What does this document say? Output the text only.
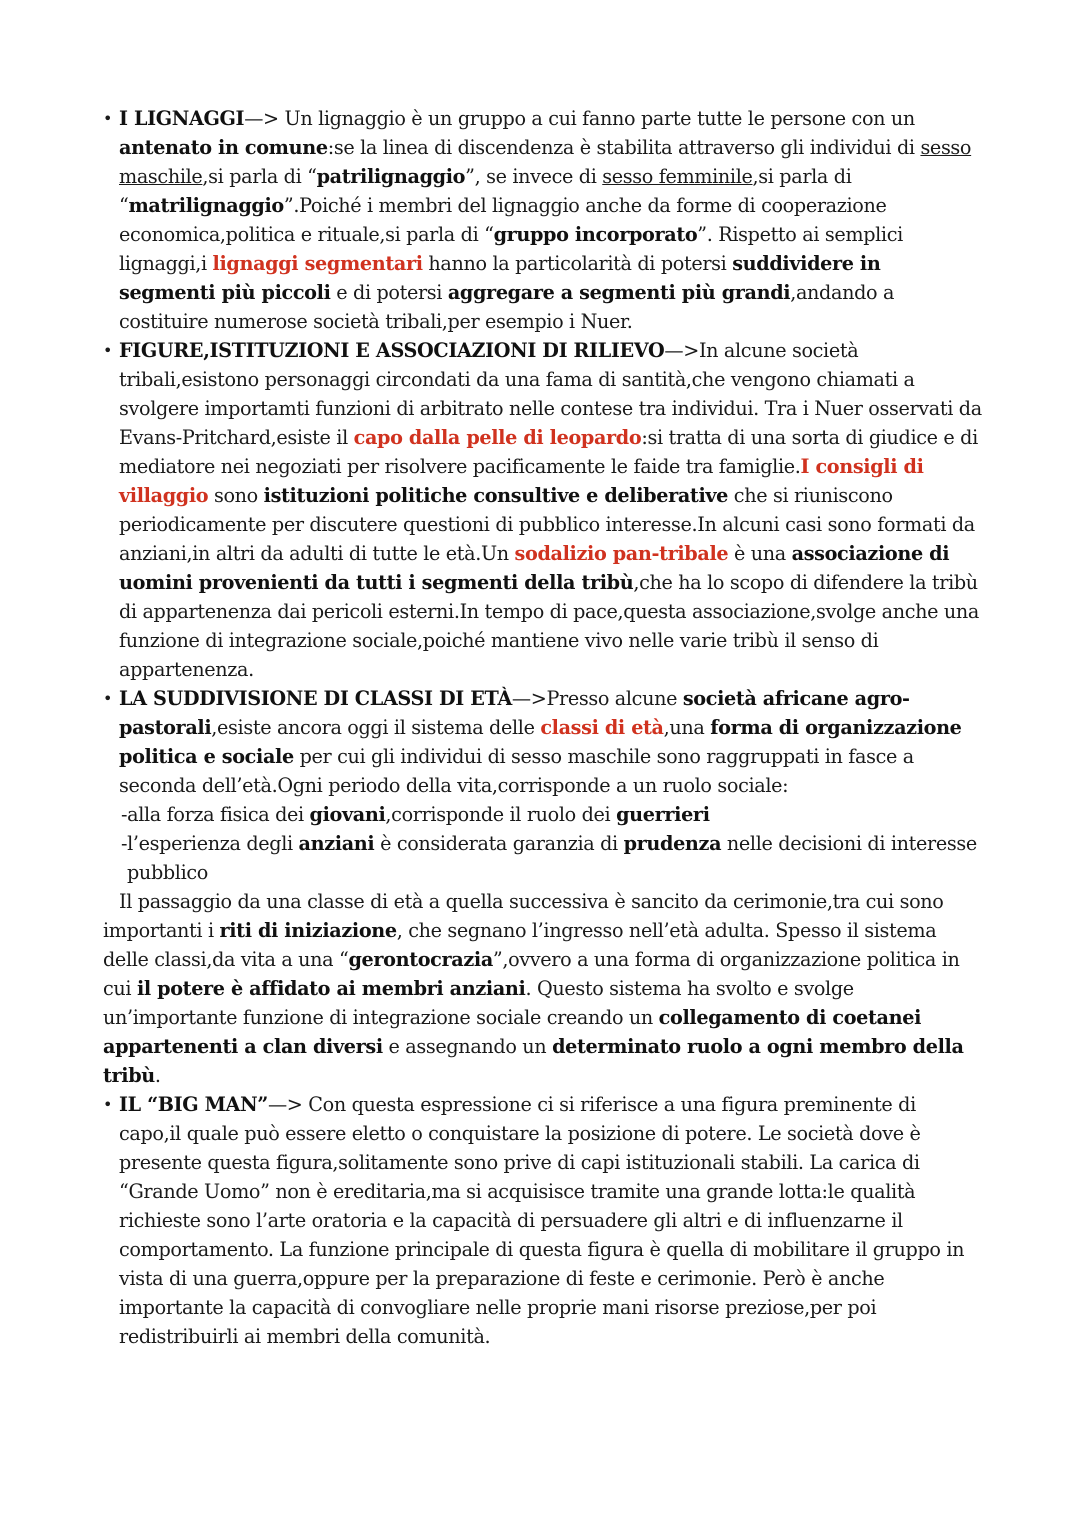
• I LIGNAGGI—> Un lignaggio è un gruppo a cui fanno parte tutte le persone con un antenato in comune:se la linea di discendenza è stabilita attraverso gli individui di sesso maschile,si parla di “patrilignaggio”, se invece di sesso femminile,si parla di “matrilignaggio”.Poiché i membri del lignaggio anche da forme di cooperazione economica,politica e rituale,si parla di “gruppo incorporato”. Rispetto ai semplici lignaggi,i lignaggi segmentari hanno la particolarità di potersi suddividere in segmenti più piccoli e di potersi aggregare a segmenti più grandi,andando a costituire numerose società tribali,per esempio i Nuer.
• FIGURE,ISTITUZIONI E ASSOCIAZIONI DI RILIEVO—>In alcune società tribali,esistono personaggi circondati da una fama di santità,che vengono chiamati a svolgere importamti funzioni di arbitrato nelle contese tra individui. Tra i Nuer osservati da Evans-Pritchard,esiste il capo dalla pelle di leopardo:si tratta di una sorta di giudice e di mediatore nei negoziati per risolvere pacificamente le faide tra famiglie.I consigli di villaggio sono istituzioni politiche consultive e deliberative che si riuniscono periodicamente per discutere questioni di pubblico interesse.In alcuni casi sono formati da anziani,in altri da adulti di tutte le età.Un sodalizio pan-tribale è una associazione di uomini provenienti da tutti i segmenti della tribù,che ha lo scopo di difendere la tribù di appartenenza dai pericoli esterni.In tempo di pace,questa associazione,svolge anche una funzione di integrazione sociale,poiché mantiene vivo nelle varie tribù il senso di appartenenza.
• LA SUDDIVISIONE DI CLASSI DI ETÀ—>Presso alcune società africane agro-pastorali,esiste ancora oggi il sistema delle classi di età,una forma di organizzazione politica e sociale per cui gli individui di sesso maschile sono raggruppati in fasce a seconda dell’età.Ogni periodo della vita,corrisponde a un ruolo sociale:
-alla forza fisica dei giovani,corrisponde il ruolo dei guerrieri
-l’esperienza degli anziani è considerata garanzia di prudenza nelle decisioni di interesse
pubblico
Il passaggio da una classe di età a quella successiva è sancito da cerimonie,tra cui sono importanti i riti di iniziazione, che segnano l’ingresso nell’età adulta. Spesso il sistema delle classi,da vita a una “gerontocrazia”,ovvero a una forma di organizzazione politica in cui il potere è affidato ai membri anziani. Questo sistema ha svolto e svolge un’importante funzione di integrazione sociale creando un collegamento di coetanei appartenenti a clan diversi e assegnando un determinato ruolo a ogni membro della tribù.
• IL “BIG MAN”—> Con questa espressione ci si riferisce a una figura preminente di capo,il quale può essere eletto o conquistare la posizione di potere. Le società dove è presente questa figura,solitamente sono prive di capi istituzionali stabili. La carica di “Grande Uomo” non è ereditaria,ma si acquisisce tramite una grande lotta:le qualità richieste sono l’arte oratoria e la capacità di persuadere gli altri e di influenzarne il comportamento. La funzione principale di questa figura è quella di mobilitare il gruppo in vista di una guerra,oppure per la preparazione di feste e cerimonie. Però è anche importante la capacità di convogliare nelle proprie mani risorse preziose,per poi redistribuirli ai membri della comunità.
